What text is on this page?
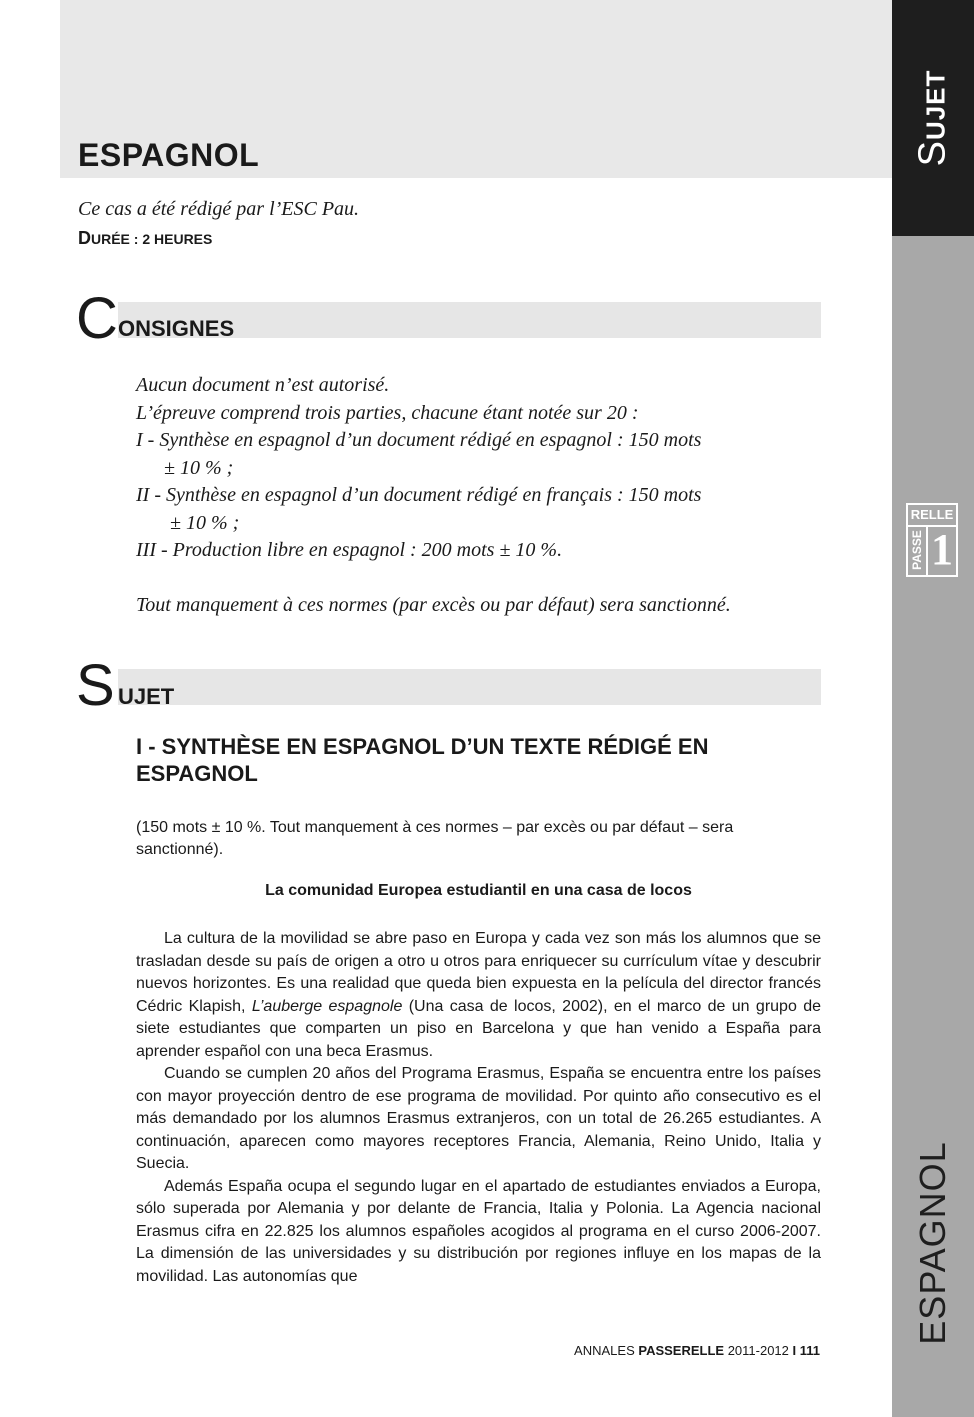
SUJET
RELLE
PASSE 1
ESPAGNOL
ESPAGNOL
Ce cas a été rédigé par l’ESC Pau.
DURÉE : 2 HEURES
C ONSIGNES

Aucun document n’est autorisé.

L’épreuve comprend trois parties, chacune étant notée sur 20 :

I - Synthèse en espagnol d’un document rédigé en espagnol : 150 mots

± 10 % ;

II - Synthèse en espagnol d’un document rédigé en français : 150 mots

± 10 % ;

III - Production libre en espagnol : 200 mots ± 10 %.

Tout manquement à ces normes (par excès ou par défaut) sera sanctionné.

S UJET
I - SYNTHÈSE EN ESPAGNOL D’UN TEXTE RÉDIGÉ EN ESPAGNOL
(150 mots ± 10 %. Tout manquement à ces normes – par excès ou par défaut – sera sanctionné).
La comunidad Europea estudiantil en una casa de locos

La cultura de la movilidad se abre paso en Europa y cada vez son más los alumnos que se trasladan desde su país de origen a otro u otros para enriquecer su currículum vítae y descubrir nuevos horizontes. Es una realidad que queda bien expuesta en la película del director francés Cédric Klapish, L’auberge espagnole (Una casa de locos, 2002), en el marco de un grupo de siete estudiantes que comparten un piso en Barcelona y que han venido a España para aprender español con una beca Erasmus.

Cuando se cumplen 20 años del Programa Erasmus, España se encuentra entre los países con mayor proyección dentro de ese programa de movilidad. Por quinto año consecutivo es el más demandado por los alumnos Erasmus extranjeros, con un total de 26.265 estudiantes. A continuación, aparecen como mayores receptores Francia, Alemania, Reino Unido, Italia y Suecia.

Además España ocupa el segundo lugar en el apartado de estudiantes enviados a Europa, sólo superada por Alemania y por delante de Francia, Italia y Polonia. La Agencia nacional Erasmus cifra en 22.825 los alumnos españoles acogidos al programa en el curso 2006-2007. La dimensión de las universidades y su distribución por regiones influye en los mapas de la movilidad. Las autonomías que

ANNALES PASSERELLE 2011-2012 I 111
